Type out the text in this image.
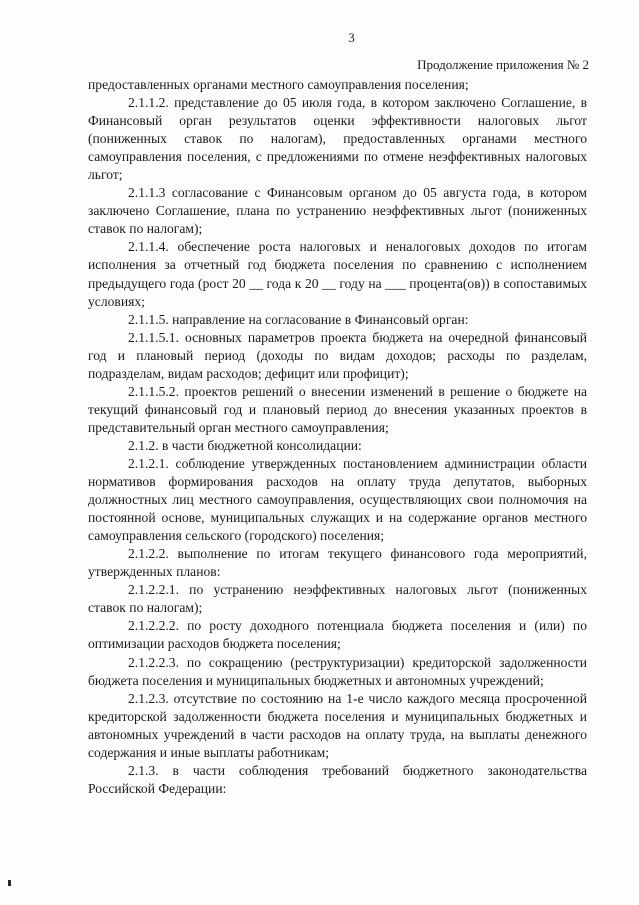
3
Продолжение приложения № 2

предоставленных органами местного самоуправления поселения;

2.1.1.2. представление до 05 июля года, в котором заключено Соглашение, в Финансовый орган результатов оценки эффективности налоговых льгот (пониженных ставок по налогам), предоставленных органами местного самоуправления поселения, с предложениями по отмене неэффективных налоговых льгот;

2.1.1.3 согласование с Финансовым органом до 05 августа года, в котором заключено Соглашение, плана по устранению неэффективных льгот (пониженных ставок по налогам);

2.1.1.4. обеспечение роста налоговых и неналоговых доходов по итогам исполнения за отчетный год бюджета поселения по сравнению с исполнением предыдущего года (рост 20 __ года к 20 __ году на ___ процента(ов)) в сопоставимых условиях;

2.1.1.5. направление на согласование в Финансовый орган:

2.1.1.5.1. основных параметров проекта бюджета на очередной финансовый год и плановый период (доходы по видам доходов; расходы по разделам, подразделам, видам расходов; дефицит или профицит);

2.1.1.5.2. проектов решений о внесении изменений в решение о бюджете на текущий финансовый год и плановый период до внесения указанных проектов в представительный орган местного самоуправления;

2.1.2. в части бюджетной консолидации:

2.1.2.1. соблюдение утвержденных постановлением администрации области нормативов формирования расходов на оплату труда депутатов, выборных должностных лиц местного самоуправления, осуществляющих свои полномочия на постоянной основе, муниципальных служащих и на содержание органов местного самоуправления сельского (городского) поселения;

2.1.2.2. выполнение по итогам текущего финансового года мероприятий, утвержденных планов:

2.1.2.2.1. по устранению неэффективных налоговых льгот (пониженных ставок по налогам);

2.1.2.2.2. по росту доходного потенциала бюджета поселения и (или) по оптимизации расходов бюджета поселения;

2.1.2.2.3. по сокращению (реструктуризации) кредиторской задолженности бюджета поселения и муниципальных бюджетных и автономных учреждений;

2.1.2.3. отсутствие по состоянию на 1-е число каждого месяца просроченной кредиторской задолженности бюджета поселения и муниципальных бюджетных и автономных учреждений в части расходов на оплату труда, на выплаты денежного содержания и иные выплаты работникам;

2.1.3. в части соблюдения требований бюджетного законодательства Российской Федерации:
